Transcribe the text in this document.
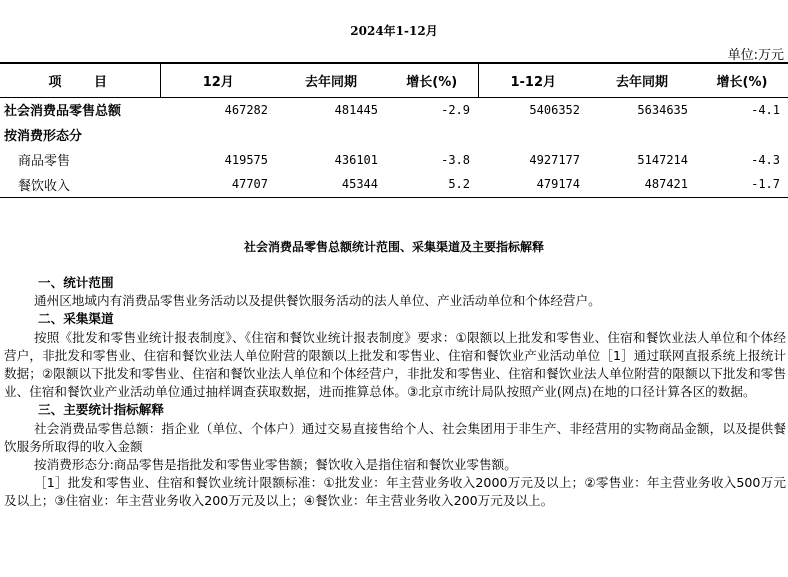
2024年1-12月
单位:万元
项 目	12月	去年同期	增长(%)	1-12月	去年同期	增长(%)
社会消费品零售总额	467282	481445	-2.9	5406352	5634635	-4.1
按消费形态分						
商品零售	419575	436101	-3.8	4927177	5147214	-4.3
餐饮收入	47707	45344	5.2	479174	487421	-1.7
社会消费品零售总额统计范围、采集渠道及主要指标解释

一、统计范围

通州区地域内有消费品零售业务活动以及提供餐饮服务活动的法人单位、产业活动单位和个体经营户。

二、采集渠道

按照《批发和零售业统计报表制度》、《住宿和餐饮业统计报表制度》要求：①限额以上批发和零售业、住宿和餐饮业法人单位和个体经营户，非批发和零售业、住宿和餐饮业法人单位附营的限额以上批发和零售业、住宿和餐饮业产业活动单位［1］通过联网直报系统上报统计数据；②限额以下批发和零售业、住宿和餐饮业法人单位和个体经营户，非批发和零售业、住宿和餐饮业法人单位附营的限额以下批发和零售业、住宿和餐饮业产业活动单位通过抽样调查获取数据，进而推算总体。③北京市统计局队按照产业(网点)在地的口径计算各区的数据。

三、主要统计指标解释

社会消费品零售总额：指企业（单位、个体户）通过交易直接售给个人、社会集团用于非生产、非经营用的实物商品金额，以及提供餐饮服务所取得的收入金额

按消费形态分:商品零售是指批发和零售业零售额；餐饮收入是指住宿和餐饮业零售额。

［1］批发和零售业、住宿和餐饮业统计限额标准：①批发业：年主营业务收入2000万元及以上；②零售业：年主营业务收入500万元及以上；③住宿业：年主营业务收入200万元及以上；④餐饮业：年主营业务收入200万元及以上。
